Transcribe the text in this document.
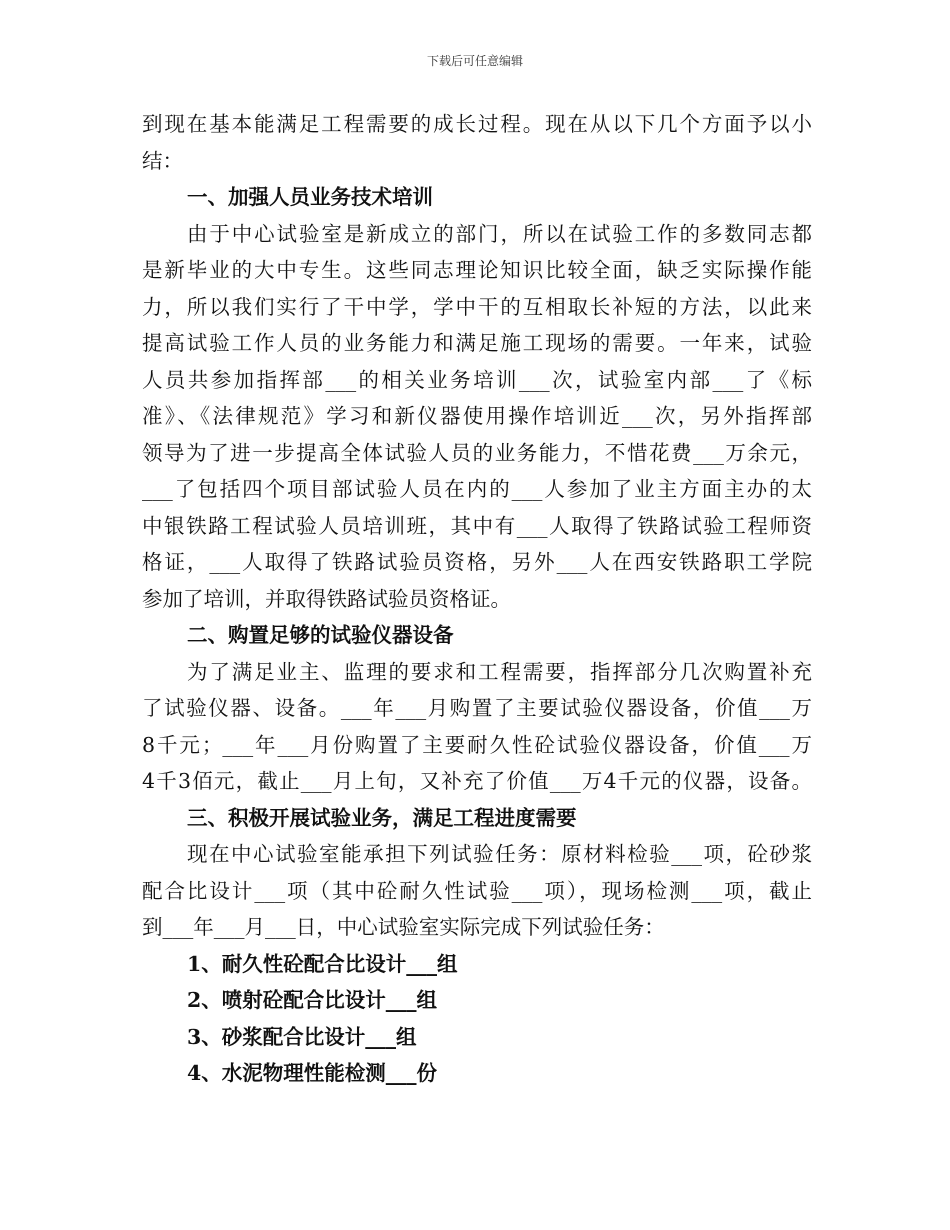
下载后可任意编辑
到现在基本能满足工程需要的成长过程。现在从以下几个方面予以小
结：
一、加强人员业务技术培训
由于中心试验室是新成立的部门，所以在试验工作的多数同志都
是新毕业的大中专生。这些同志理论知识比较全面，缺乏实际操作能
力，所以我们实行了干中学，学中干的互相取长补短的方法，以此来
提高试验工作人员的业务能力和满足施工现场的需要。一年来，试验
人员共参加指挥部___的相关业务培训___次，试验室内部___了《标
准》、《法律规范》学习和新仪器使用操作培训近___次，另外指挥部
领导为了进一步提高全体试验人员的业务能力，不惜花费___万余元，
___了包括四个项目部试验人员在内的___人参加了业主方面主办的太
中银铁路工程试验人员培训班，其中有___人取得了铁路试验工程师资
格证，___人取得了铁路试验员资格，另外___人在西安铁路职工学院
参加了培训，并取得铁路试验员资格证。
二、购置足够的试验仪器设备
为了满足业主、监理的要求和工程需要，指挥部分几次购置补充
了试验仪器、设备。___年___月购置了主要试验仪器设备，价值___万
8千元；___年___月份购置了主要耐久性砼试验仪器设备，价值___万
4千3佰元，截止___月上旬，又补充了价值___万4千元的仪器，设备。
三、积极开展试验业务，满足工程进度需要
现在中心试验室能承担下列试验任务：原材料检验___项，砼砂浆
配合比设计___项（其中砼耐久性试验___项），现场检测___项，截止
到___年___月___日，中心试验室实际完成下列试验任务：
1、耐久性砼配合比设计___组
2、喷射砼配合比设计___组
3、砂浆配合比设计___组
4、水泥物理性能检测___份
